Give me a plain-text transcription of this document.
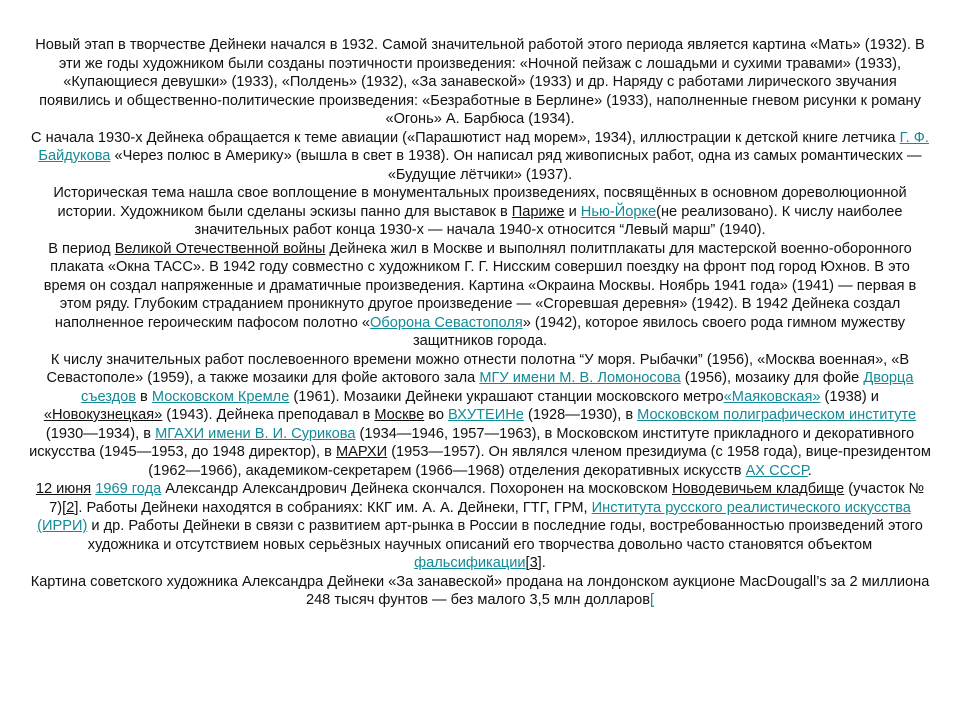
Новый этап в творчестве Дейнеки начался в 1932. Самой значительной работой этого периода является картина «Мать» (1932). В эти же годы художником были созданы поэтичности произведения: «Ночной пейзаж с лошадьми и сухими травами» (1933), «Купающиеся девушки» (1933), «Полдень» (1932), «За занавеской» (1933) и др. Наряду с работами лирического звучания появились и общественно-политические произведения: «Безработные в Берлине» (1933), наполненные гневом рисунки к роману «Огонь» А. Барбюса (1934).

С начала 1930-х Дейнека обращается к теме авиации («Парашютист над морем», 1934), иллюстрации к детской книге летчика Г. Ф. Байдукова «Через полюс в Америку» (вышла в свет в 1938). Он написал ряд живописных работ, одна из самых романтических — «Будущие лётчики» (1937).

Историческая тема нашла свое воплощение в монументальных произведениях, посвящённых в основном дореволюционной истории. Художником были сделаны эскизы панно для выставок в Париже и Нью-Йорке(не реализовано). К числу наиболее значительных работ конца 1930-х — начала 1940-х относится “Левый марш” (1940).

В период Великой Отечественной войны Дейнека жил в Москве и выполнял политплакаты для мастерской военно-оборонного плаката «Окна ТАСС». В 1942 году совместно с художником Г. Г. Нисским совершил поездку на фронт под город Юхнов. В это время он создал напряженные и драматичные произведения. Картина «Окраина Москвы. Ноябрь 1941 года» (1941) — первая в этом ряду. Глубоким страданием проникнуто другое произведение — «Сгоревшая деревня» (1942). В 1942 Дейнека создал наполненное героическим пафосом полотно «Оборона Севастополя» (1942), которое явилось своего рода гимном мужеству защитников города.

К числу значительных работ послевоенного времени можно отнести полотна “У моря. Рыбачки” (1956), «Москва военная», «В Севастополе» (1959), а также мозаики для фойе актового зала МГУ имени М. В. Ломоносова (1956), мозаику для фойе Дворца съездов в Московском Кремле (1961). Мозаики Дейнеки украшают станции московского метро«Маяковская» (1938) и «Новокузнецкая» (1943). Дейнека преподавал в Москве во ВХУТЕИНе (1928—1930), в Московском полиграфическом институте (1930—1934), в МГАХИ имени В. И. Сурикова (1934—1946, 1957—1963), в Московском институте прикладного и декоративного искусства (1945—1953, до 1948 директор), в МАРХИ (1953—1957). Он являлся членом президиума (с 1958 года), вице-президентом (1962—1966), академиком-секретарем (1966—1968) отделения декоративных искусств АХ СССР.

12 июня 1969 года Александр Александрович Дейнека скончался. Похоронен на московском Новодевичьем кладбище (участок № 7)[2]. Работы Дейнеки находятся в собраниях: ККГ им. А. А. Дейнеки, ГТГ, ГРМ, Института русского реалистического искусства (ИРРИ) и др. Работы Дейнеки в связи с развитием арт-рынка в России в последние годы, востребованностью произведений этого художника и отсутствием новых серьёзных научных описаний его творчества довольно часто становятся объектом фальсификации[3].

Картина советского художника Александра Дейнеки «За занавеской» продана на лондонском аукционе MacDougall’s за 2 миллиона 248 тысяч фунтов — без малого 3,5 млн долларов[
